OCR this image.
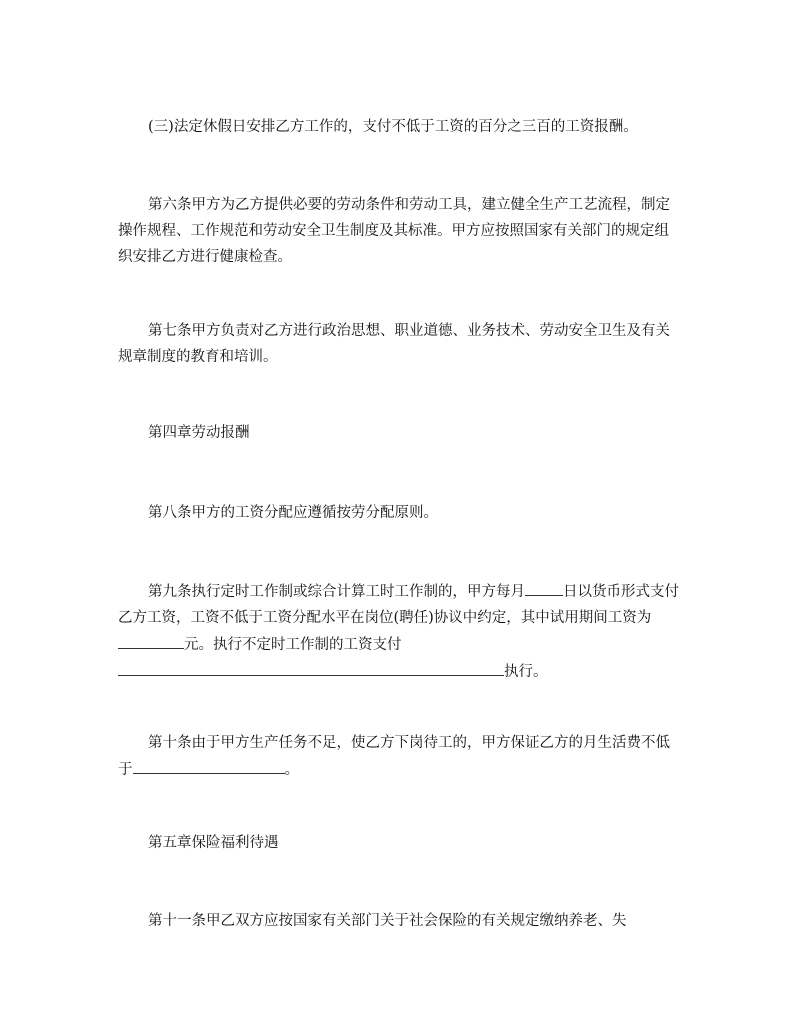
(三)法定休假日安排乙方工作的，支付不低于工资的百分之三百的工资报酬。

第六条甲方为乙方提供必要的劳动条件和劳动工具，建立健全生产工艺流程，制定操作规程、工作规范和劳动安全卫生制度及其标准。甲方应按照国家有关部门的规定组织安排乙方进行健康检查。

第七条甲方负责对乙方进行政治思想、职业道德、业务技术、劳动安全卫生及有关规章制度的教育和培训。

第四章劳动报酬

第八条甲方的工资分配应遵循按劳分配原则。

第九条执行定时工作制或综合计算工时工作制的，甲方每月	日以货币形式支付乙方工资，工资不低于工资分配水平在岗位(聘任)协议中约定，其中试用期间工资为元。执行不定时工作制的工资支付
执行。

第十条由于甲方生产任务不足，使乙方下岗待工的，甲方保证乙方的月生活费不低于	。

第五章保险福利待遇

第十一条甲乙双方应按国家有关部门关于社会保险的有关规定缴纳养老、失
